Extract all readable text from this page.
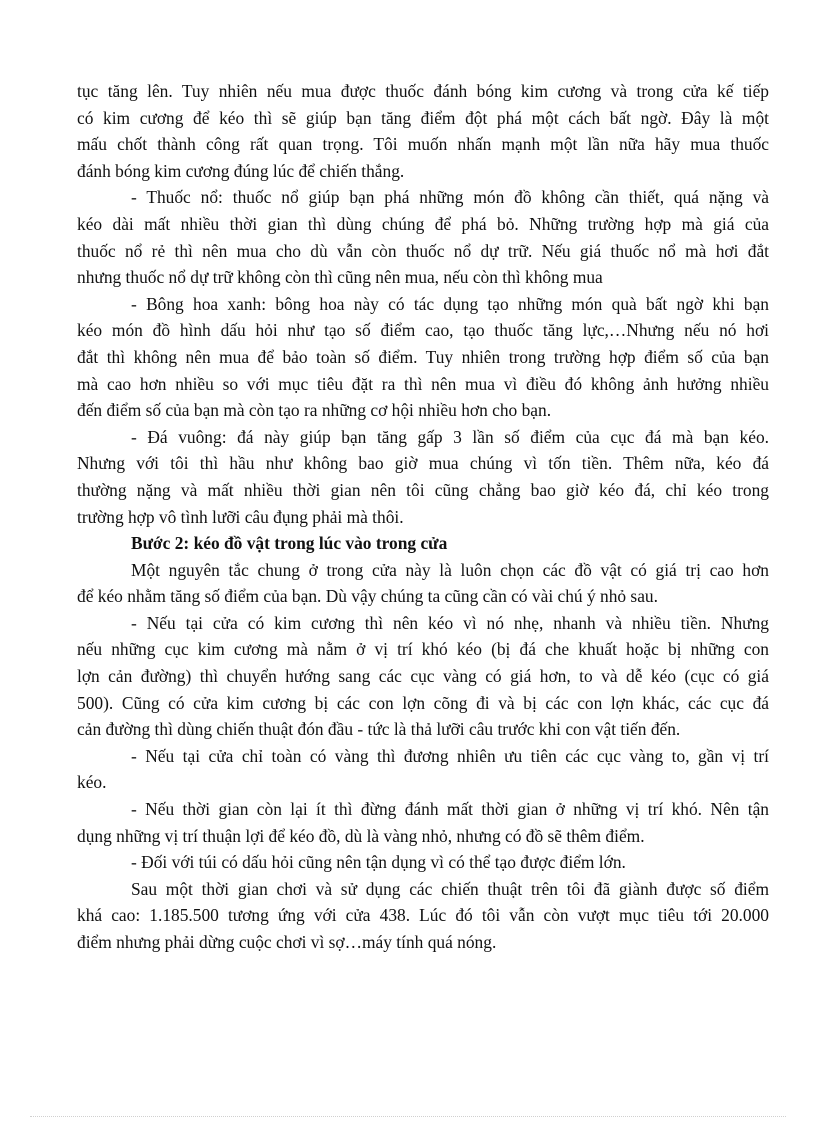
tục tăng lên. Tuy nhiên nếu mua được thuốc đánh bóng kim cương và trong cửa kế tiếp
có kim cương để kéo thì sẽ giúp bạn tăng điểm đột phá một cách bất ngờ. Đây là một
mấu chốt thành công rất quan trọng. Tôi muốn nhấn mạnh một lần nữa hãy mua thuốc
đánh bóng kim cương đúng lúc để chiến thắng.
- Thuốc nổ: thuốc nổ giúp bạn phá những món đồ không cần thiết, quá nặng và
kéo dài mất nhiều thời gian thì dùng chúng để phá bỏ. Những trường hợp mà giá của
thuốc nổ rẻ thì nên mua cho dù vẫn còn thuốc nổ dự trữ. Nếu giá thuốc nổ mà hơi đắt
nhưng thuốc nổ dự trữ không còn thì cũng nên mua, nếu còn thì không mua
- Bông hoa xanh: bông hoa này có tác dụng tạo những món quà bất ngờ khi bạn
kéo món đồ hình dấu hỏi như tạo số điểm cao, tạo thuốc tăng lực,…Nhưng nếu nó hơi
đắt thì không nên mua để bảo toàn số điểm. Tuy nhiên trong trường hợp điểm số của bạn
mà cao hơn nhiều so với mục tiêu đặt ra thì nên mua vì điều đó không ảnh hưởng nhiều
đến điểm số của bạn mà còn tạo ra những cơ hội nhiều hơn cho bạn.
- Đá vuông: đá này giúp bạn tăng gấp 3 lần số điểm của cục đá mà bạn kéo.
Nhưng với tôi thì hầu như không bao giờ mua chúng vì tốn tiền. Thêm nữa, kéo đá
thường nặng và mất nhiều thời gian nên tôi cũng chẳng bao giờ kéo đá, chỉ kéo trong
trường hợp vô tình lưỡi câu đụng phải mà thôi.
Bước 2: kéo đồ vật trong lúc vào trong cửa
Một nguyên tắc chung ở trong cửa này là luôn chọn các đồ vật có giá trị cao hơn
để kéo nhằm tăng số điểm của bạn. Dù vậy chúng ta cũng cần có vài chú ý nhỏ sau.
- Nếu tại cửa có kim cương thì nên kéo vì nó nhẹ, nhanh và nhiều tiền. Nhưng
nếu những cục kim cương mà nằm ở vị trí khó kéo (bị đá che khuất hoặc bị những con
lợn cản đường) thì chuyển hướng sang các cục vàng có giá hơn, to và dễ kéo (cục có giá
500). Cũng có cửa kim cương bị các con lợn cõng đi và bị các con lợn khác, các cục đá
cản đường thì dùng chiến thuật đón đầu - tức là thả lưỡi câu trước khi con vật tiến đến.
- Nếu tại cửa chỉ toàn có vàng thì đương nhiên ưu tiên các cục vàng to, gần vị trí
kéo.
- Nếu thời gian còn lại ít thì đừng đánh mất thời gian ở những vị trí khó. Nên tận
dụng những vị trí thuận lợi để kéo đồ, dù là vàng nhỏ, nhưng có đồ sẽ thêm điểm.
- Đối với túi có dấu hỏi cũng nên tận dụng vì có thể tạo được điểm lớn.
Sau một thời gian chơi và sử dụng các chiến thuật trên tôi đã giành được số điểm
khá cao: 1.185.500 tương ứng với cửa 438. Lúc đó tôi vẫn còn vượt mục tiêu tới 20.000
điểm nhưng phải dừng cuộc chơi vì sợ…máy tính quá nóng.
